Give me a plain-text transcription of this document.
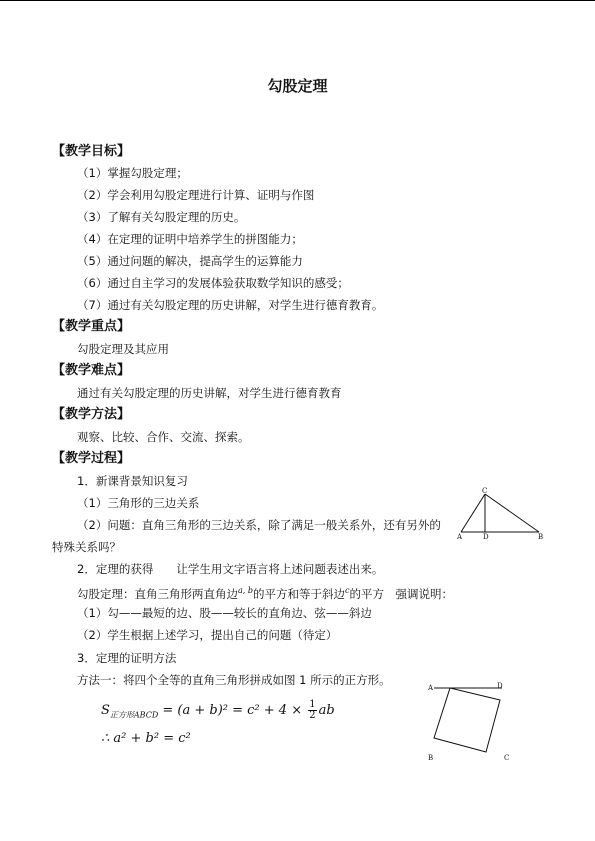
勾股定理
【教学目标】
（1）掌握勾股定理；
（2）学会利用勾股定理进行计算、证明与作图
（3）了解有关勾股定理的历史。
（4）在定理的证明中培养学生的拼图能力；
（5）通过问题的解决，提高学生的运算能力
（6）通过自主学习的发展体验获取数学知识的感受；
（7）通过有关勾股定理的历史讲解，对学生进行德育教育。
【教学重点】
勾股定理及其应用
【教学难点】
通过有关勾股定理的历史讲解，对学生进行德育教育
【教学方法】
观察、比较、合作、交流、探索。
【教学过程】
1．新课背景知识复习
（1）三角形的三边关系
（2）问题：直角三角形的三边关系，除了满足一般关系外，还有另外的
特殊关系吗？
2．定理的获得　　让学生用文字语言将上述问题表述出来。
勾股定理：直角三角形两直角边$^{a, b}$的平方和等于斜边$^c$的平方　强调说明：
（1）勾——最短的边、股——较长的直角边、弦——斜边
（2）学生根据上述学习，提出自己的问题（待定）
3．定理的证明方法
方法一：将四个全等的直角三角形拼成如图 1 所示的正方形。
$S_{正方形ABCD} = (a + b)^2 = c^2 + 4 \times \frac{1}{2}$ ab
∴ a² + b² = c²
C
A	D	B
A	D
B	C
